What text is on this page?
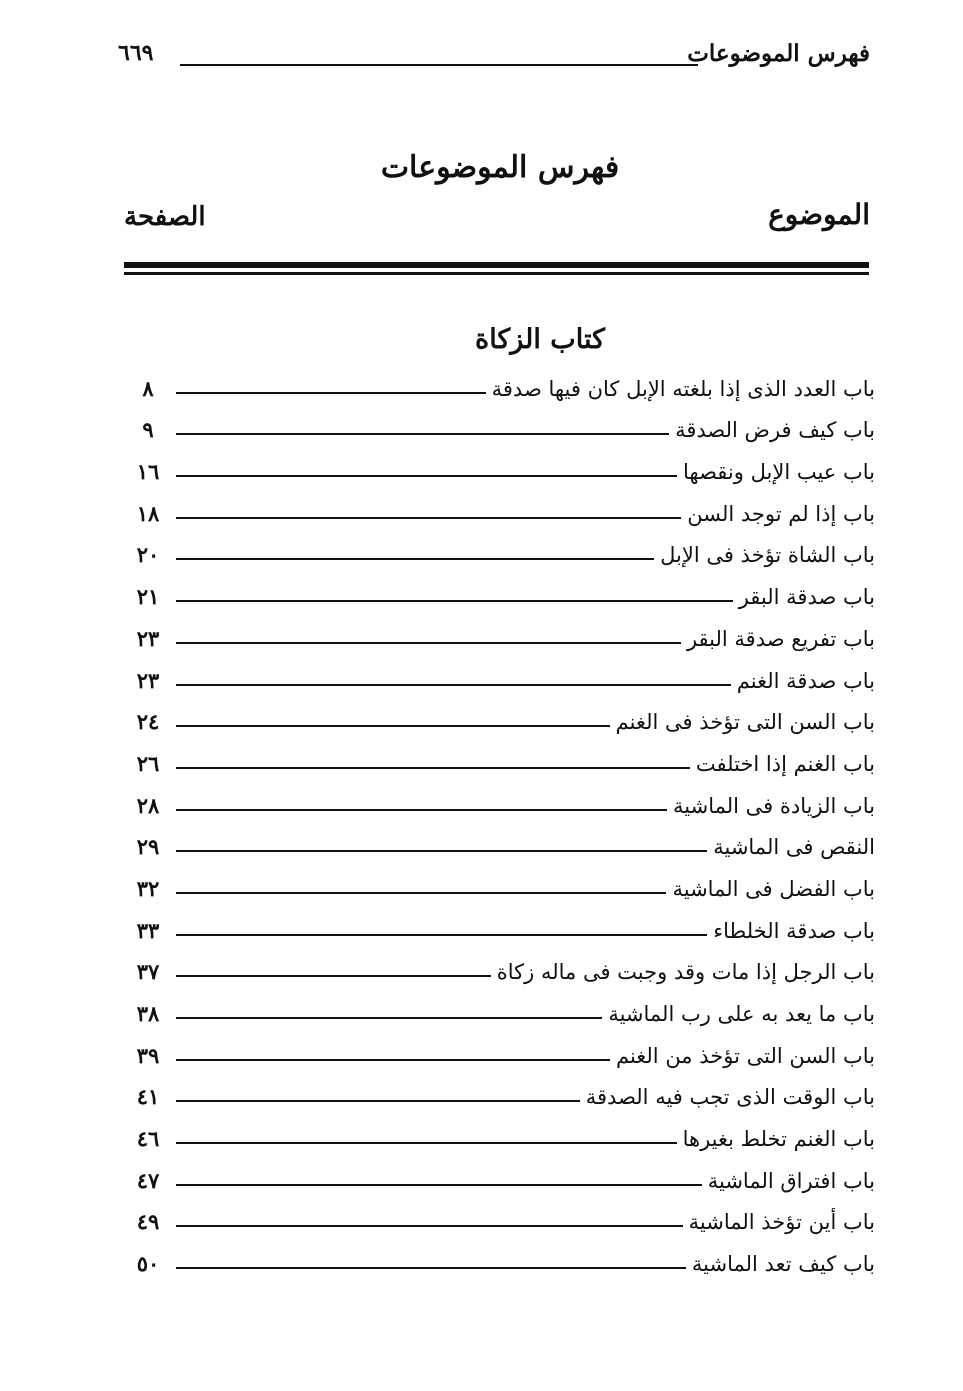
فهرس الموضوعات
٦٦٩
فهرس الموضوعات
الموضوع
الصفحة
كتاب الزكاة
باب العدد الذى إذا بلغته الإبل كان فيها صدقة
٨
باب كيف فرض الصدقة
٩
باب عيب الإبل ونقصها
١٦
باب إذا لم توجد السن
١٨
باب الشاة تؤخذ فى الإبل
٢٠
باب صدقة البقر
٢١
باب تفريع صدقة البقر
٢٣
باب صدقة الغنم
٢٣
باب السن التى تؤخذ فى الغنم
٢٤
باب الغنم إذا اختلفت
٢٦
باب الزيادة فى الماشية
٢٨
النقص فى الماشية
٢٩
باب الفضل فى الماشية
٣٢
باب صدقة الخلطاء
٣٣
باب الرجل إذا مات وقد وجبت فى ماله زكاة
٣٧
باب ما يعد به على رب الماشية
٣٨
باب السن التى تؤخذ من الغنم
٣٩
باب الوقت الذى تجب فيه الصدقة
٤١
باب الغنم تخلط بغيرها
٤٦
باب افتراق الماشية
٤٧
باب أين تؤخذ الماشية
٤٩
باب كيف تعد الماشية
٥٠
